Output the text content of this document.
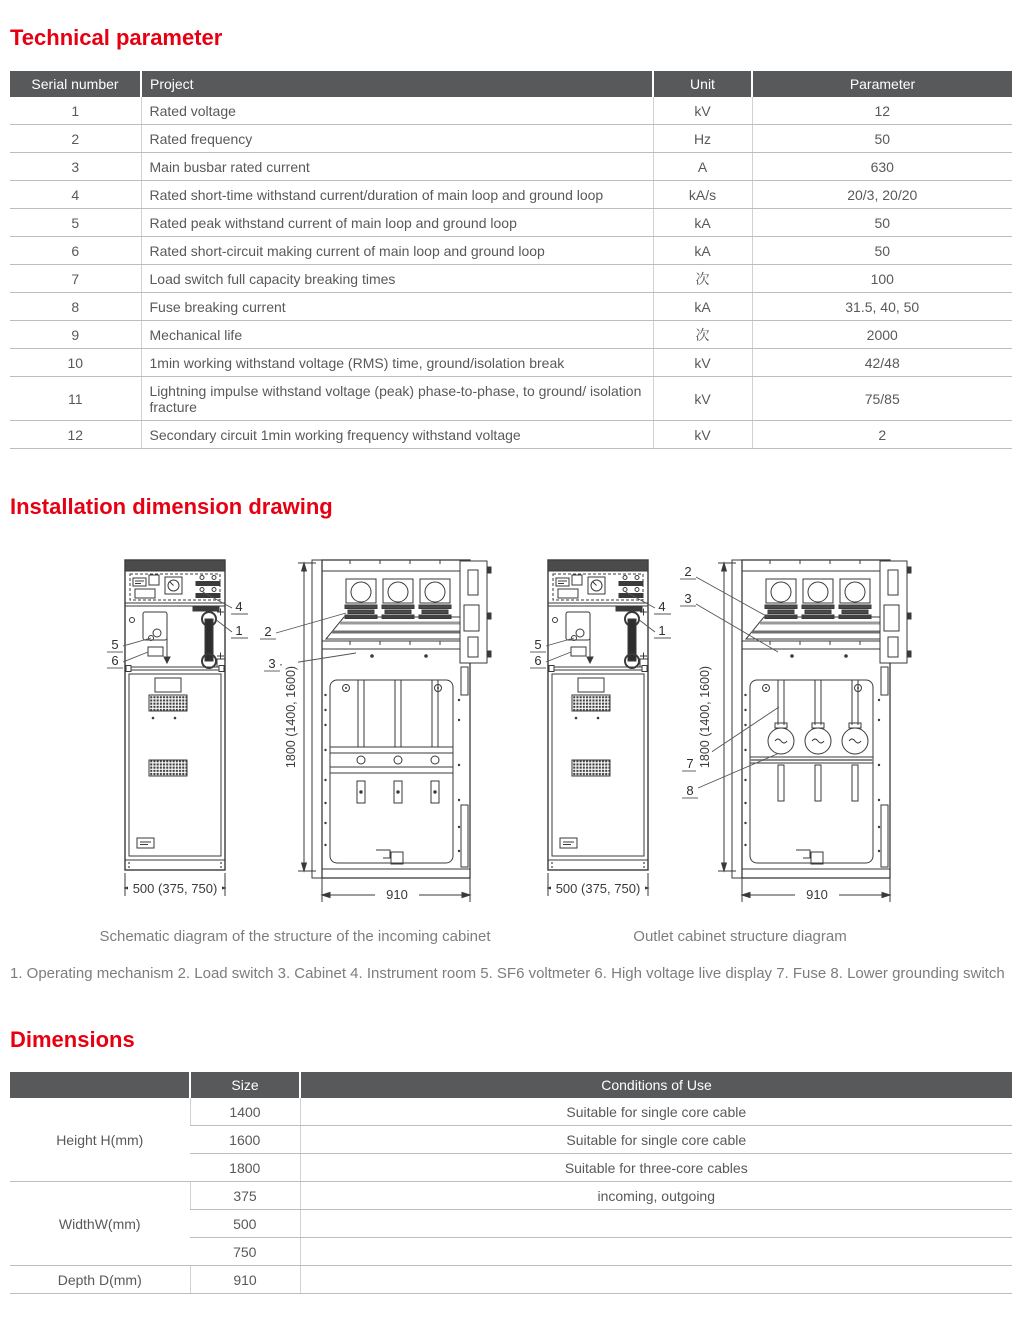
Technical parameter
Serial number	Project	Unit	Parameter
1	Rated voltage	kV	12
2	Rated frequency	Hz	50
3	Main busbar rated current	A	630
4	Rated short-time withstand current/duration of main loop and ground loop	kA/s	20/3, 20/20
5	Rated peak withstand current of main loop and ground loop	kA	50
6	Rated short-circuit making current of main loop and ground loop	kA	50
7	Load switch full capacity breaking times	次	100
8	Fuse breaking current	kA	31.5, 40, 50
9	Mechanical life	次	2000
10	1min working withstand voltage (RMS) time, ground/isolation break	kV	42/48
11	Lightning impulse withstand voltage (peak) phase-to-phase, to ground/ isolation fracture	kV	75/85
12	Secondary circuit 1min working frequency withstand voltage	kV	2
Installation dimension drawing
4
1
5
6
500 (375, 750)
2
3
1800 (1400, 1600)
910
4
1
5
6
500 (375, 750)
2
3
7
8
1800 (1400, 1600)
910
Schematic diagram of the structure of the incoming cabinet	Outlet cabinet structure diagram
1. Operating mechanism 2. Load switch 3. Cabinet 4. Instrument room 5. SF6 voltmeter 6. High voltage live display 7. Fuse 8. Lower grounding switch
Dimensions
	Size	Conditions of Use
Height H(mm)	1400	Suitable for single core cable
	1600	Suitable for single core cable
	1800	Suitable for three-core cables
WidthW(mm)	375	incoming, outgoing
	500	
	750	
Depth D(mm)	910	
